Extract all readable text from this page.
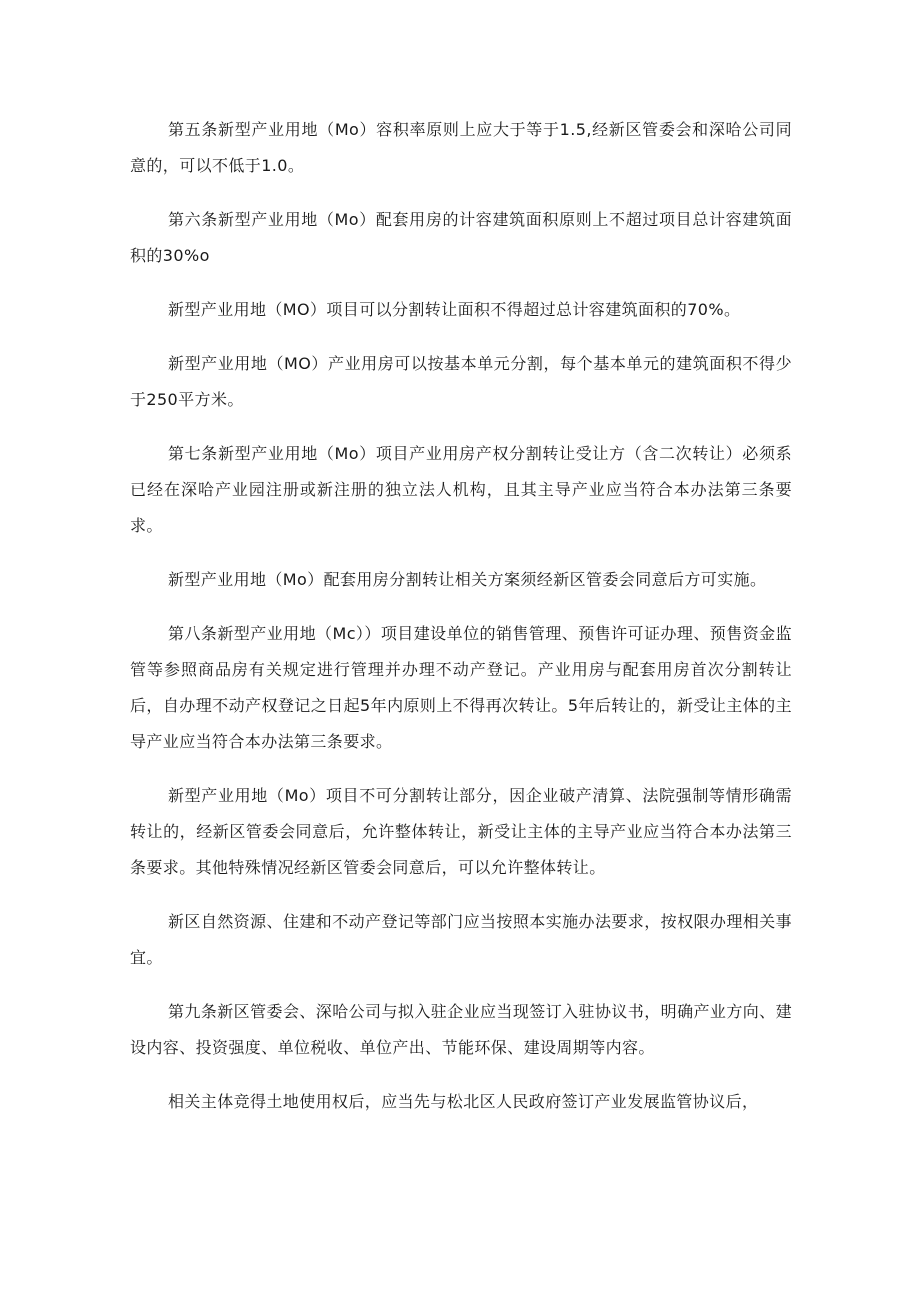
第五条新型产业用地（Mo）容积率原则上应大于等于1.5,经新区管委会和深哈公司同意的，可以不低于1.0。

第六条新型产业用地（Mo）配套用房的计容建筑面积原则上不超过项目总计容建筑面积的30%o

新型产业用地（MO）项目可以分割转让面积不得超过总计容建筑面积的70%。

新型产业用地（MO）产业用房可以按基本单元分割，每个基本单元的建筑面积不得少于250平方米。

第七条新型产业用地（Mo）项目产业用房产权分割转让受让方（含二次转让）必须系已经在深哈产业园注册或新注册的独立法人机构，且其主导产业应当符合本办法第三条要求。

新型产业用地（Mo）配套用房分割转让相关方案须经新区管委会同意后方可实施。

第八条新型产业用地（Mc））项目建设单位的销售管理、预售许可证办理、预售资金监管等参照商品房有关规定进行管理并办理不动产登记。产业用房与配套用房首次分割转让后，自办理不动产权登记之日起5年内原则上不得再次转让。5年后转让的，新受让主体的主导产业应当符合本办法第三条要求。

新型产业用地（Mo）项目不可分割转让部分，因企业破产清算、法院强制等情形确需转让的，经新区管委会同意后，允许整体转让，新受让主体的主导产业应当符合本办法第三条要求。其他特殊情况经新区管委会同意后，可以允许整体转让。

新区自然资源、住建和不动产登记等部门应当按照本实施办法要求，按权限办理相关事宜。

第九条新区管委会、深哈公司与拟入驻企业应当现签订入驻协议书，明确产业方向、建设内容、投资强度、单位税收、单位产出、节能环保、建设周期等内容。

相关主体竞得土地使用权后，应当先与松北区人民政府签订产业发展监管协议后，
